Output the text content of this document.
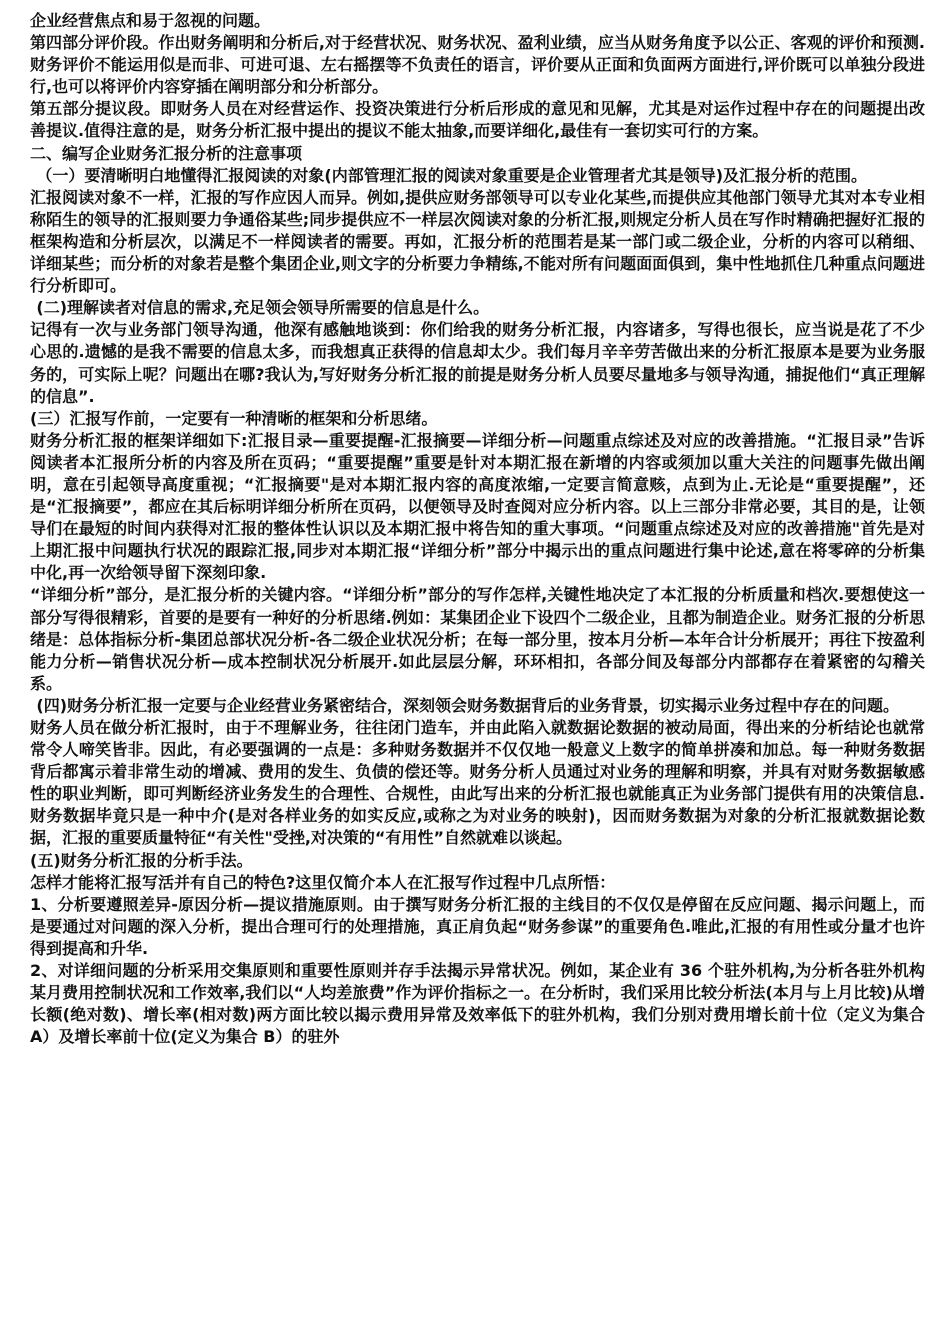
企业经营焦点和易于忽视的问题。

第四部分评价段。作出财务阐明和分析后,对于经营状况、财务状况、盈利业绩，应当从财务角度予以公正、客观的评价和预测.财务评价不能运用似是而非、可进可退、左右摇摆等不负责任的语言，评价要从正面和负面两方面进行,评价既可以单独分段进行,也可以将评价内容穿插在阐明部分和分析部分。

第五部分提议段。即财务人员在对经营运作、投资决策进行分析后形成的意见和见解，尤其是对运作过程中存在的问题提出改善提议.值得注意的是，财务分析汇报中提出的提议不能太抽象,而要详细化,最佳有一套切实可行的方案。

二、编写企业财务汇报分析的注意事项

（一）要清晰明白地懂得汇报阅读的对象(内部管理汇报的阅读对象重要是企业管理者尤其是领导)及汇报分析的范围。

汇报阅读对象不一样，汇报的写作应因人而异。例如,提供应财务部领导可以专业化某些,而提供应其他部门领导尤其对本专业相称陌生的领导的汇报则要力争通俗某些;同步提供应不一样层次阅读对象的分析汇报,则规定分析人员在写作时精确把握好汇报的框架构造和分析层次，以满足不一样阅读者的需要。再如，汇报分析的范围若是某一部门或二级企业，分析的内容可以稍细、详细某些；而分析的对象若是整个集团企业,则文字的分析要力争精练,不能对所有问题面面俱到，集中性地抓住几种重点问题进行分析即可。

(二)理解读者对信息的需求,充足领会领导所需要的信息是什么。

记得有一次与业务部门领导沟通，他深有感触地谈到：你们给我的财务分析汇报，内容诸多，写得也很长，应当说是花了不少心思的.遗憾的是我不需要的信息太多，而我想真正获得的信息却太少。我们每月辛辛劳苦做出来的分析汇报原本是要为业务服务的，可实际上呢？问题出在哪?我认为,写好财务分析汇报的前提是财务分析人员要尽量地多与领导沟通，捕捉他们“真正理解的信息”.

(三）汇报写作前，一定要有一种清晰的框架和分析思绪。

财务分析汇报的框架详细如下:汇报目录—重要提醒-汇报摘要—详细分析—问题重点综述及对应的改善措施。“汇报目录”告诉阅读者本汇报所分析的内容及所在页码；“重要提醒”重要是针对本期汇报在新增的内容或须加以重大关注的问题事先做出阐明，意在引起领导高度重视；“汇报摘要"是对本期汇报内容的高度浓缩,一定要言简意赅，点到为止.无论是“重要提醒”，还是“汇报摘要”，都应在其后标明详细分析所在页码，以便领导及时查阅对应分析内容。以上三部分非常必要，其目的是，让领导们在最短的时间内获得对汇报的整体性认识以及本期汇报中将告知的重大事项。“问题重点综述及对应的改善措施"首先是对上期汇报中问题执行状况的跟踪汇报,同步对本期汇报“详细分析”部分中揭示出的重点问题进行集中论述,意在将零碎的分析集中化,再一次给领导留下深刻印象.

“详细分析”部分，是汇报分析的关键内容。“详细分析”部分的写作怎样,关键性地决定了本汇报的分析质量和档次.要想使这一部分写得很精彩，首要的是要有一种好的分析思绪.例如：某集团企业下设四个二级企业，且都为制造企业。财务汇报的分析思绪是：总体指标分析-集团总部状况分析-各二级企业状况分析；在每一部分里，按本月分析—本年合计分析展开；再往下按盈利能力分析—销售状况分析—成本控制状况分析展开.如此层层分解，环环相扣，各部分间及每部分内部都存在着紧密的勾稽关系。

(四)财务分析汇报一定要与企业经营业务紧密结合，深刻领会财务数据背后的业务背景，切实揭示业务过程中存在的问题。

财务人员在做分析汇报时，由于不理解业务，往往闭门造车，并由此陷入就数据论数据的被动局面，得出来的分析结论也就常常令人啼笑皆非。因此，有必要强调的一点是：多种财务数据并不仅仅地一般意义上数字的简单拼凑和加总。每一种财务数据背后都寓示着非常生动的增减、费用的发生、负债的偿还等。财务分析人员通过对业务的理解和明察，并具有对财务数据敏感性的职业判断，即可判断经济业务发生的合理性、合规性，由此写出来的分析汇报也就能真正为业务部门提供有用的决策信息.财务数据毕竟只是一种中介(是对各样业务的如实反应,或称之为对业务的映射)，因而财务数据为对象的分析汇报就数据论数据，汇报的重要质量特征“有关性"受挫,对决策的“有用性”自然就难以谈起。

(五)财务分析汇报的分析手法。

怎样才能将汇报写活并有自己的特色?这里仅简介本人在汇报写作过程中几点所悟：

1、分析要遵照差异-原因分析—提议措施原则。由于撰写财务分析汇报的主线目的不仅仅是停留在反应问题、揭示问题上，而是要通过对问题的深入分析，提出合理可行的处理措施，真正肩负起“财务参谋”的重要角色.唯此,汇报的有用性或分量才也许得到提高和升华.

2、对详细问题的分析采用交集原则和重要性原则并存手法揭示异常状况。例如，某企业有 36 个驻外机构,为分析各驻外机构某月费用控制状况和工作效率,我们以“人均差旅费”作为评价指标之一。在分析时，我们采用比较分析法(本月与上月比较)从增长额(绝对数)、增长率(相对数)两方面比较以揭示费用异常及效率低下的驻外机构，我们分别对费用增长前十位（定义为集合 A）及增长率前十位(定义为集合 B）的驻外
